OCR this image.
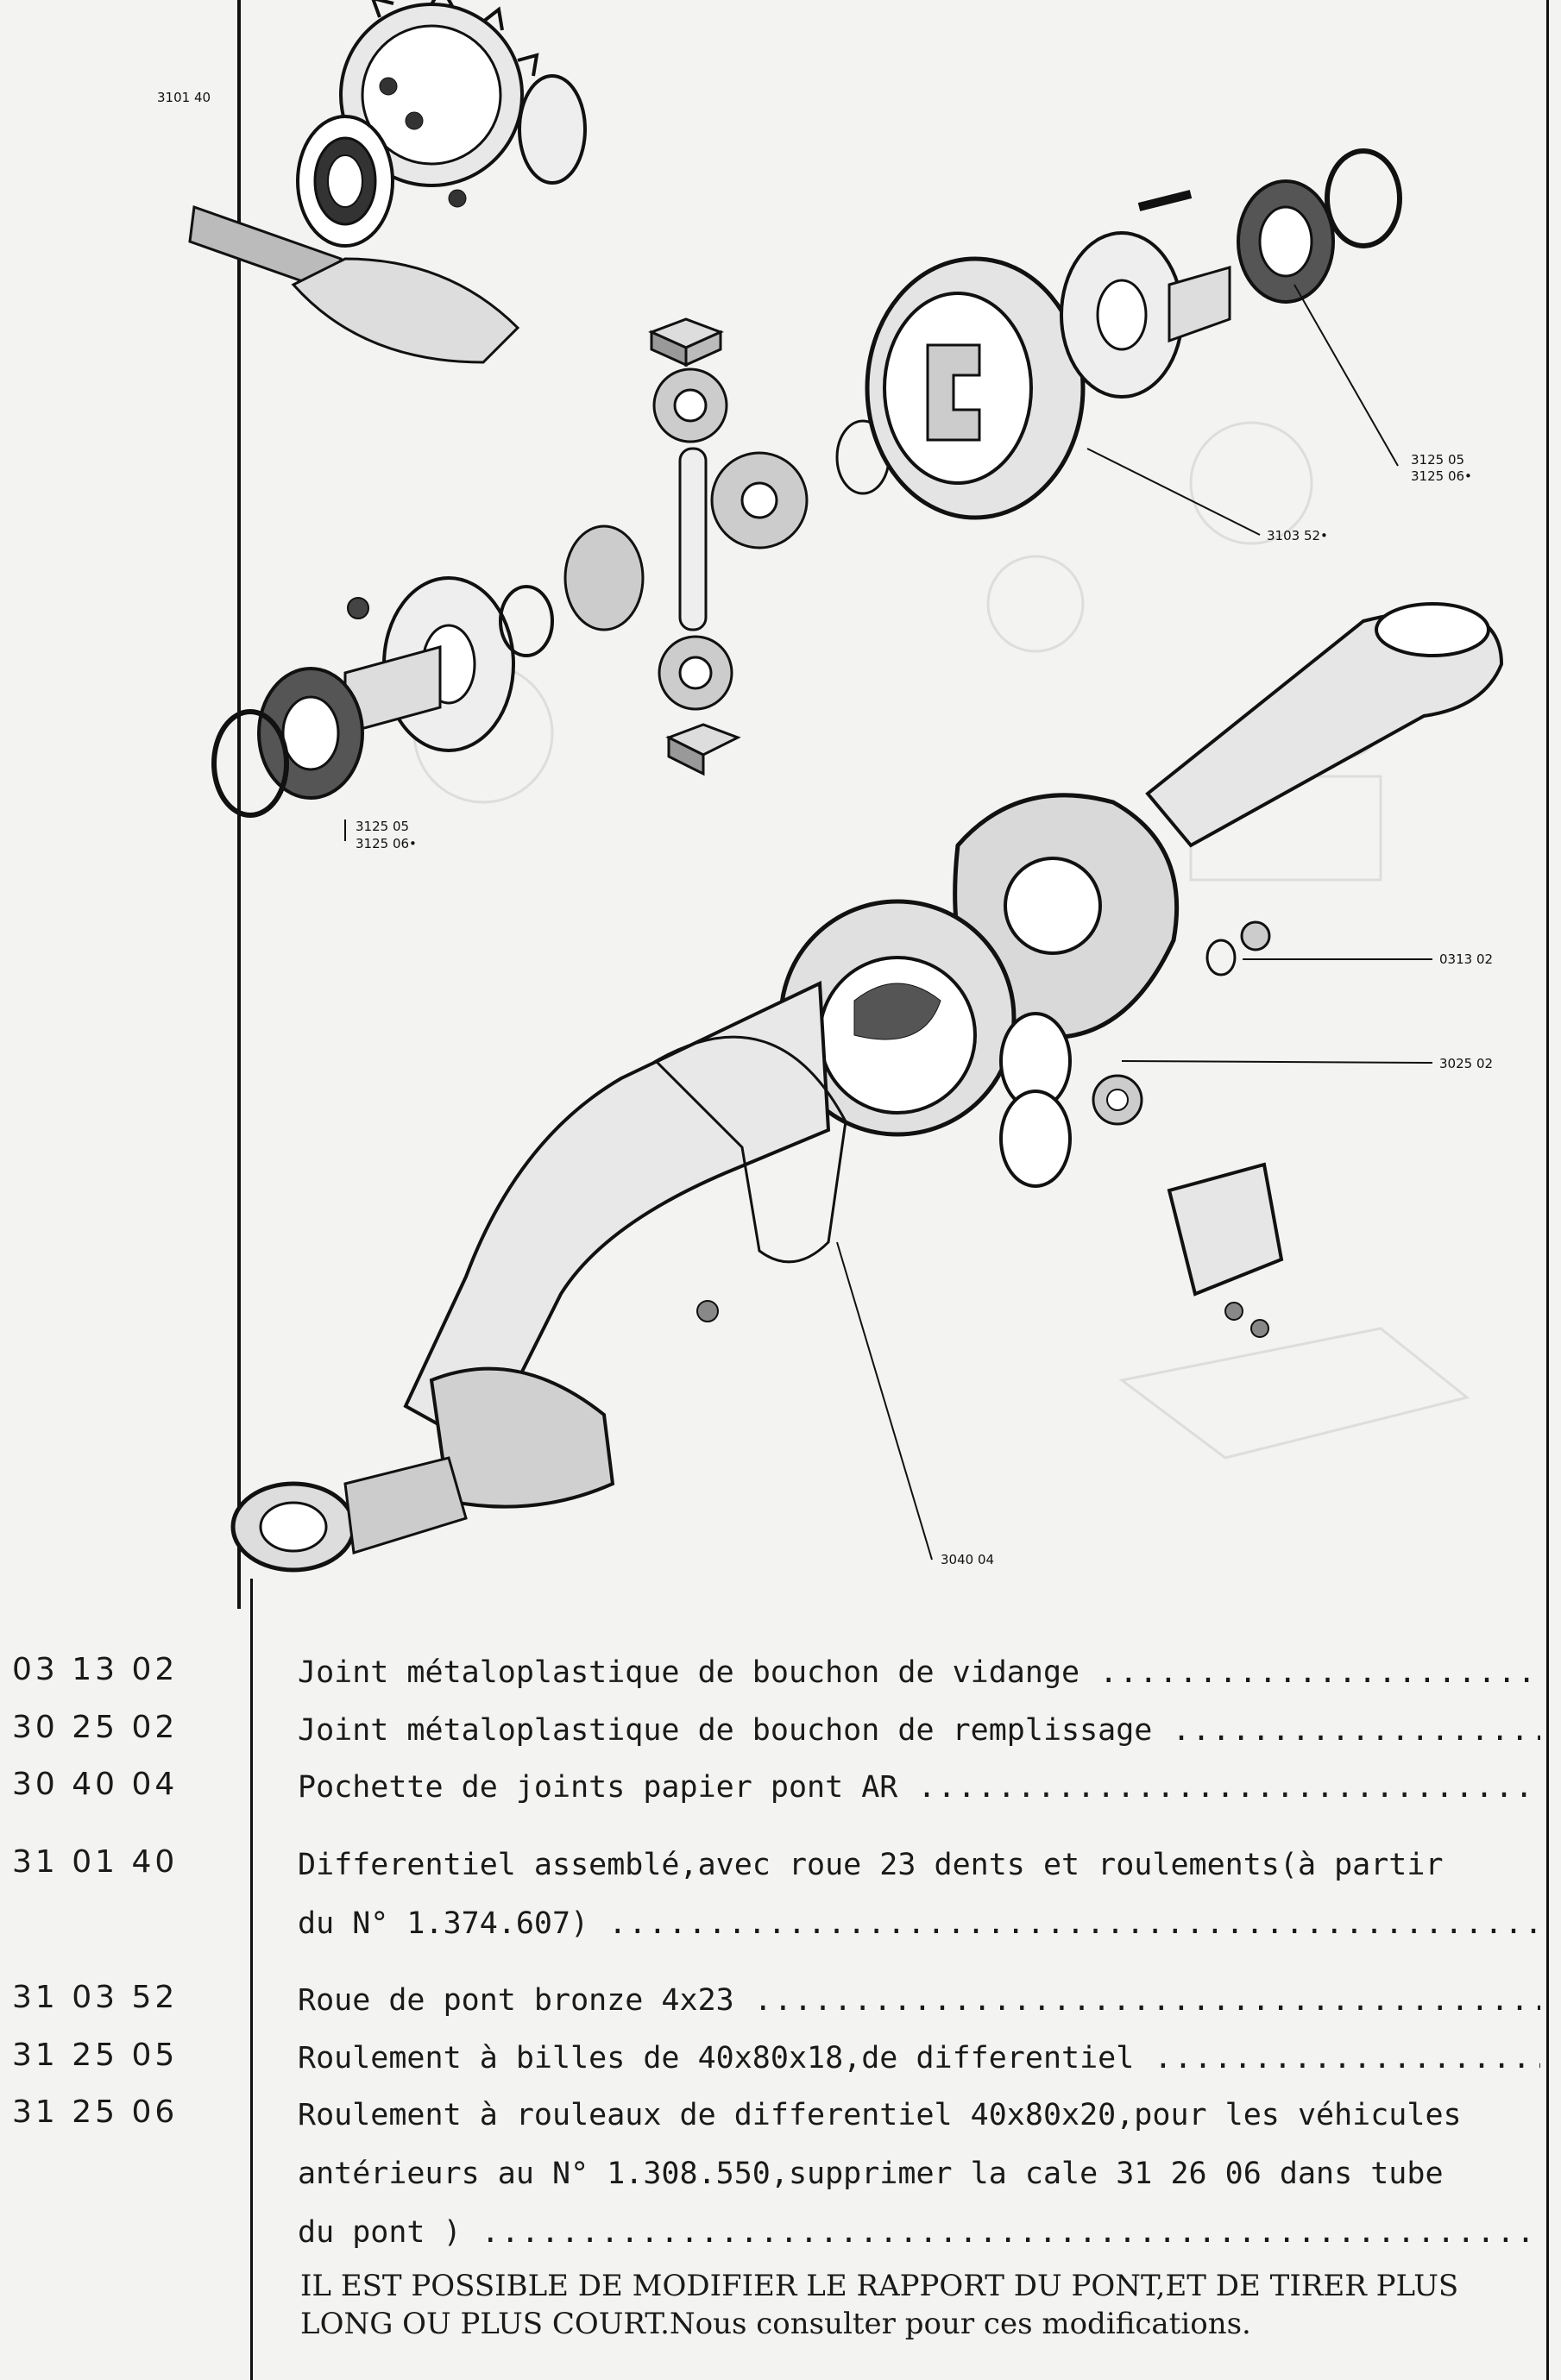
3101 40
3125 05
3125 06•
3103 52•
3125 05
3125 06•
0313 02
3025 02
3040 04
03 13 02	Joint métaloplastique de bouchon de vidange .....
30 25 02	Joint métaloplastique de bouchon de remplissage .....
30 40 04	Pochette de joints papier pont AR .....
31 01 40	Differentiel assemblé,avec roue 23 dents et roulements(à partir
du N° 1.374.607) .....
31 03 52	Roue de pont bronze 4x23 .....
31 25 05	Roulement à billes de 40x80x18,de differentiel .....
31 25 06	Roulement à rouleaux de differentiel 40x80x20,pour les véhicules
antérieurs au N° 1.308.550,supprimer la cale 31 26 06 dans tube
du pont ) .....
IL EST POSSIBLE DE MODIFIER LE RAPPORT DU PONT,ET DE TIRER PLUS
LONG OU PLUS COURT.Nous consulter pour ces modifications.
